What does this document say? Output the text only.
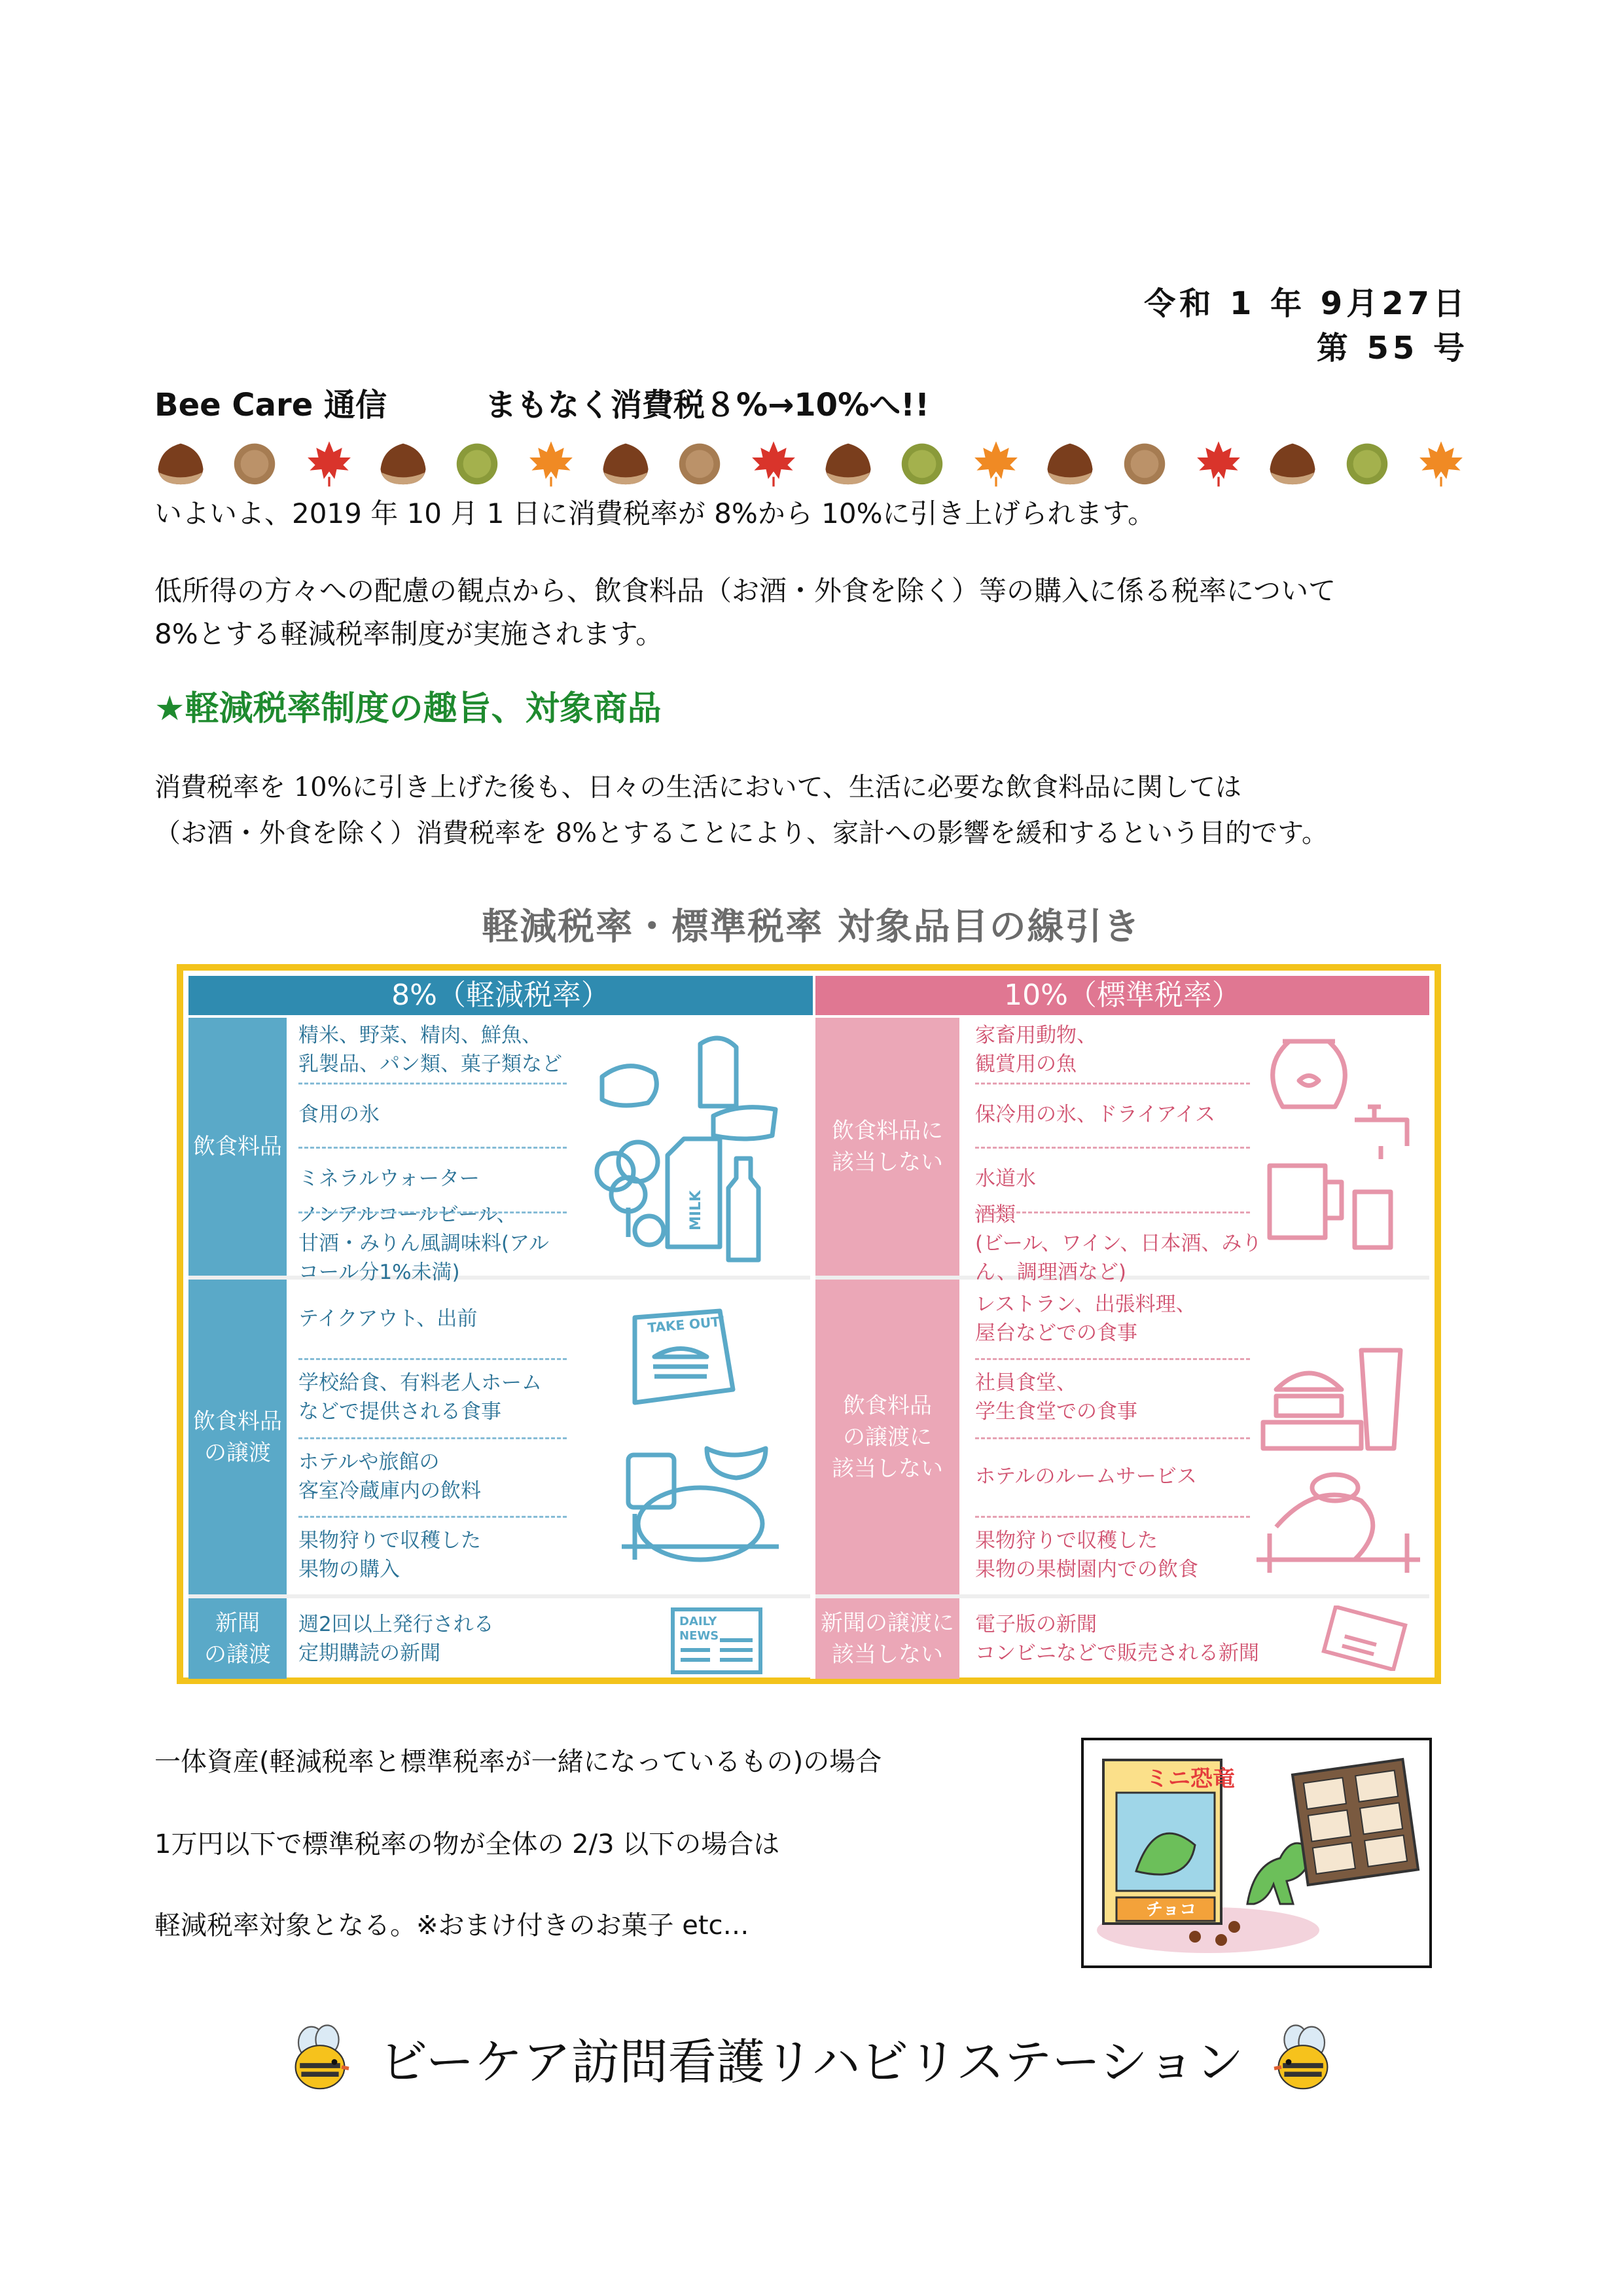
令和 1 年 9月27日
第 55 号
Bee Care 通信	まもなく消費税８%→10%へ!!
いよいよ、2019 年 10 月 1 日に消費税率が 8%から 10%に引き上げられます。
低所得の方々への配慮の観点から、飲食料品（お酒・外食を除く）等の購入に係る税率について
8%とする軽減税率制度が実施されます。
★軽減税率制度の趣旨、対象商品
消費税率を 10%に引き上げた後も、日々の生活において、生活に必要な飲食料品に関しては
（お酒・外食を除く）消費税率を 8%とすることにより、家計への影響を緩和するという目的です。
軽減税率・標準税率 対象品目の線引き
8%（軽減税率）	10%（標準税率）
飲食料品
飲食料品
の譲渡
新聞
の譲渡
飲食料品に
該当しない
飲食料品
の譲渡に
該当しない
新聞の譲渡に
該当しない
MILK
TAKE OUT！
DAILY
NEWS
精米、野菜、精肉、鮮魚、
乳製品、パン類、菓子類など
食用の氷
ミネラルウォーター
ノンアルコールビール、
甘酒・みりん風調味料(アルコール分1%未満)
テイクアウト、出前
学校給食、有料老人ホーム
などで提供される食事
ホテルや旅館の
客室冷蔵庫内の飲料
果物狩りで収穫した
果物の購入
週2回以上発行される
定期購読の新聞
家畜用動物、
観賞用の魚
保冷用の氷、ドライアイス
水道水
酒類
(ビール、ワイン、日本酒、みりん、調理酒など)
レストラン、出張料理、
屋台などでの食事
社員食堂、
学生食堂での食事
ホテルのルームサービス
果物狩りで収穫した
果物の果樹園内での飲食
電子版の新聞
コンビニなどで販売される新聞
一体資産(軽減税率と標準税率が一緒になっているもの)の場合
1万円以下で標準税率の物が全体の 2/3 以下の場合は
軽減税率対象となる。※おまけ付きのお菓子 etc…
ミニ恐竜
チョコ
ビーケア訪問看護リハビリステーション
